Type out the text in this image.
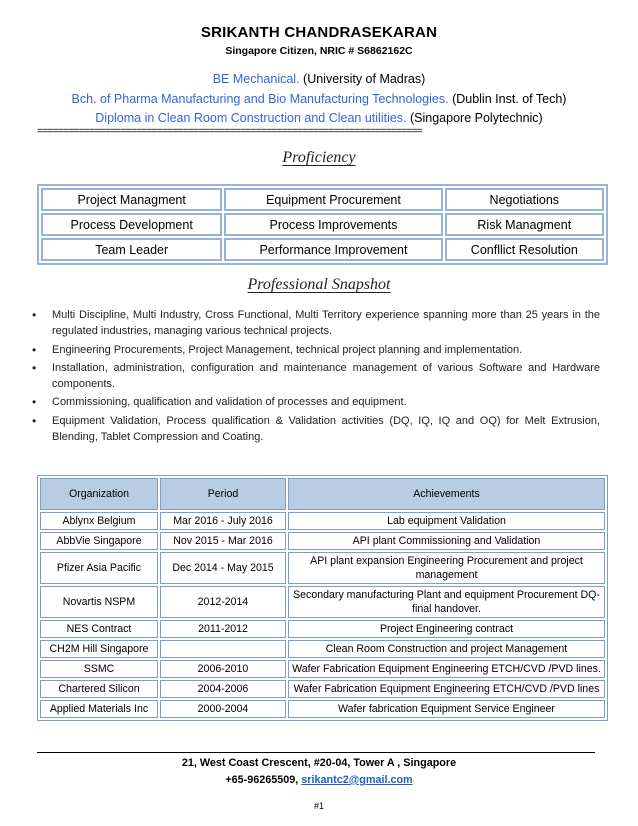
SRIKANTH CHANDRASEKARAN
Singapore Citizen, NRIC # S6862162C
BE Mechanical. (University of Madras)
Bch. of Pharma Manufacturing and Bio Manufacturing Technologies. (Dublin Inst. of Tech)
Diploma in Clean Room Construction and Clean utilities. (Singapore Polytechnic)
==========================================================================
Proficiency
Project Managment	Equipment Procurement	Negotiations
Process Development	Process Improvements	Risk Managment
Team Leader	Performance Improvement	Confllict Resolution
Professional Snapshot
• Multi Discipline, Multi Industry, Cross Functional, Multi Territory experience spanning more than 25 years in the regulated industries, managing various technical projects.
• Engineering Procurements, Project Management, technical project planning and implementation.
• Installation, administration, configuration and maintenance management of various Software and Hardware components.
• Commissioning, qualification and validation of processes and equipment.
• Equipment Validation, Process qualification & Validation activities (DQ, IQ, IQ and OQ) for Melt Extrusion, Blending, Tablet Compression and Coating.
Organization	Period	Achievements
Ablynx Belgium	Mar 2016 - July 2016	Lab equipment Validation
AbbVie Singapore	Nov 2015 - Mar 2016	API plant Commissioning and Validation
Pfizer Asia Pacific	Dec 2014 - May 2015	API plant expansion Engineering Procurement and project management
Novartis NSPM	2012-2014	Secondary manufacturing Plant and equipment Procurement DQ- final handover.
NES Contract	2011-2012	Project Engineering contract
CH2M Hill Singapore		Clean Room Construction and project Management
SSMC	2006-2010	Wafer Fabrication Equipment Engineering ETCH/CVD /PVD lines.
Chartered Silicon	2004-2006	Wafer Fabrication Equipment Engineering ETCH/CVD /PVD lines
Applied Materials Inc	2000-2004	Wafer fabrication Equipment Service Engineer
21, West Coast Crescent, #20-04, Tower A , Singapore
+65-96265509, srikantc2@gmail.com
#1
